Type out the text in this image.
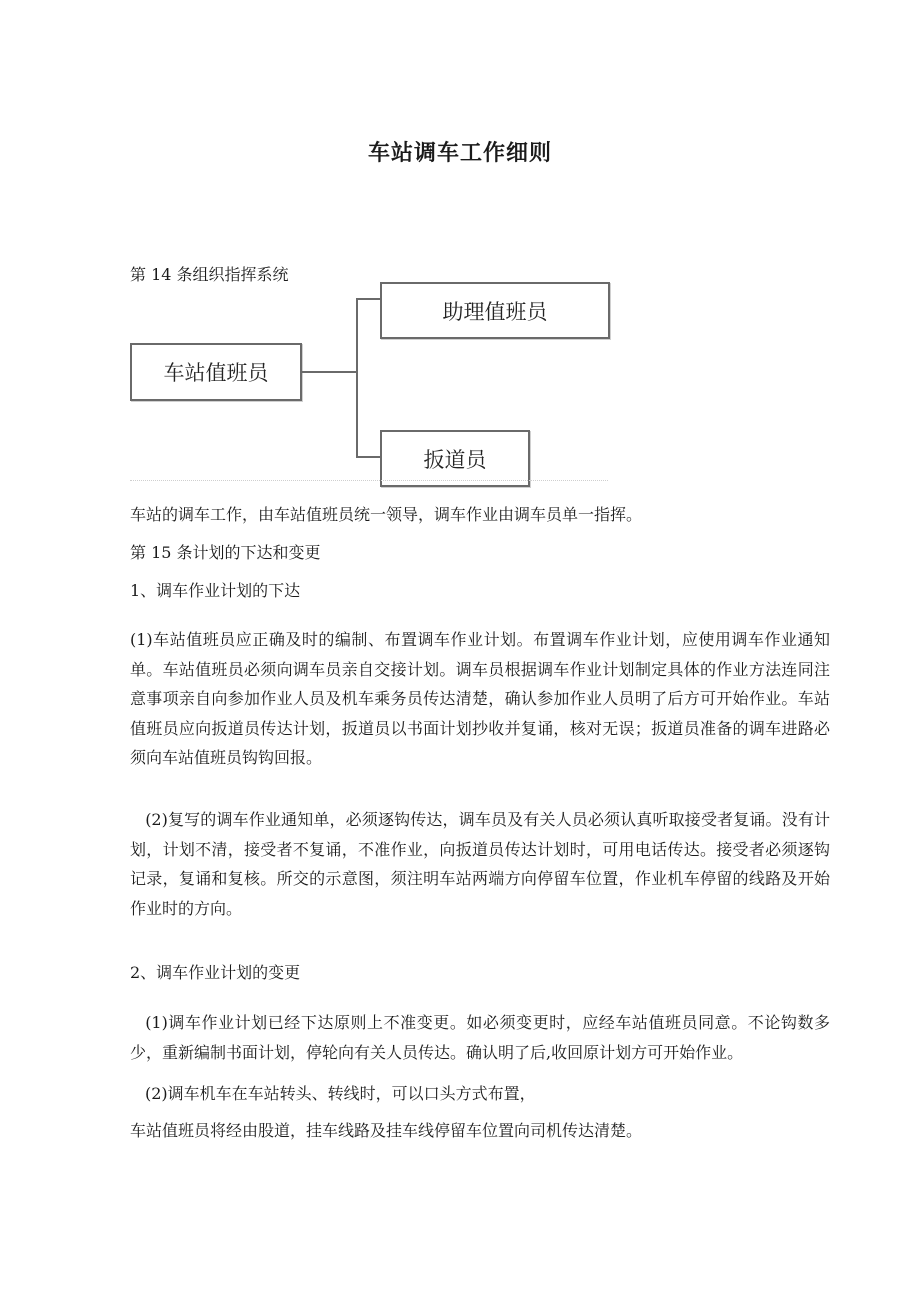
车站调车工作细则
第 14 条组织指挥系统
车站值班员
助理值班员
扳道员
车站的调车工作，由车站值班员统一领导，调车作业由调车员单一指挥。
第 15 条计划的下达和变更
1、调车作业计划的下达
(1)车站值班员应正确及时的编制、布置调车作业计划。布置调车作业计划，应使用调车作业通知单。车站值班员必须向调车员亲自交接计划。调车员根据调车作业计划制定具体的作业方法连同注意事项亲自向参加作业人员及机车乘务员传达清楚，确认参加作业人员明了后方可开始作业。车站值班员应向扳道员传达计划，扳道员以书面计划抄收并复诵，核对无误；扳道员准备的调车进路必须向车站值班员钩钩回报。
(2)复写的调车作业通知单，必须逐钩传达，调车员及有关人员必须认真听取接受者复诵。没有计划，计划不清，接受者不复诵，不准作业，向扳道员传达计划时，可用电话传达。接受者必须逐钩记录，复诵和复核。所交的示意图，须注明车站两端方向停留车位置，作业机车停留的线路及开始作业时的方向。
2、调车作业计划的变更
(1)调车作业计划已经下达原则上不准变更。如必须变更时，应经车站值班员同意。不论钩数多少，重新编制书面计划，停轮向有关人员传达。确认明了后,收回原计划方可开始作业。
(2)调车机车在车站转头、转线时，可以口头方式布置，
车站值班员将经由股道，挂车线路及挂车线停留车位置向司机传达清楚。
